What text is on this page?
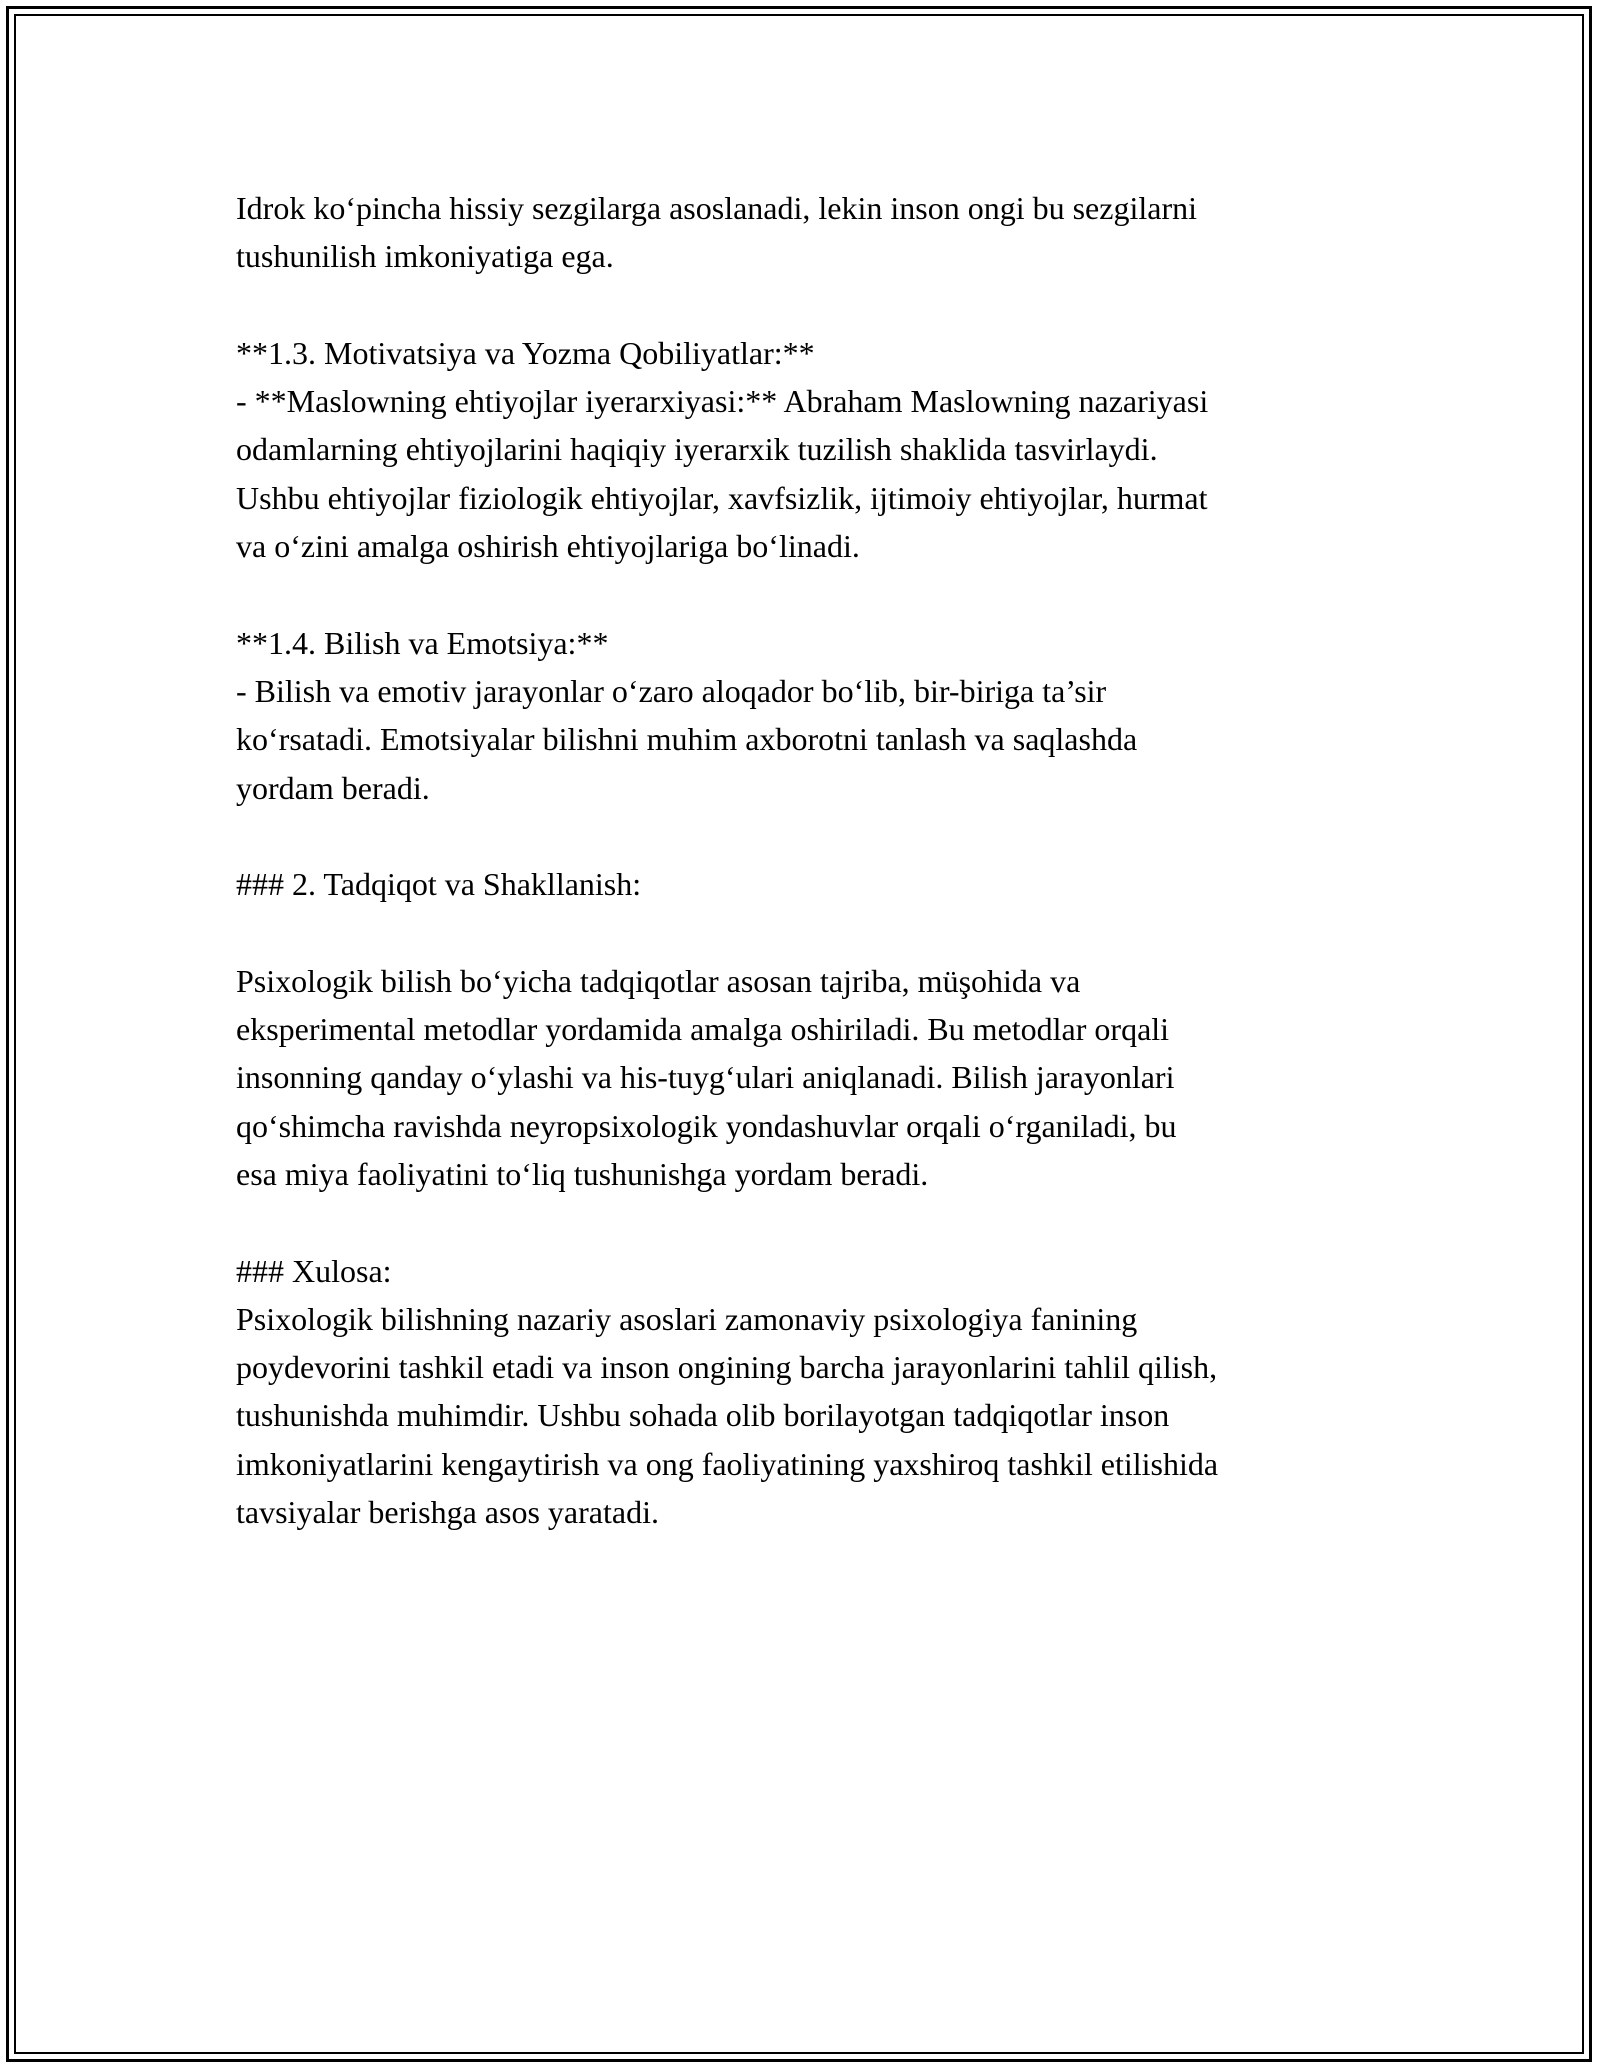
Idrok ko‘pincha hissiy sezgilarga asoslanadi, lekin inson ongi bu sezgilarni
tushunilish imkoniyatiga ega.

**1.3. Motivatsiya va Yozma Qobiliyatlar:**
- **Maslowning ehtiyojlar iyerarxiyasi:** Abraham Maslowning nazariyasi
odamlarning ehtiyojlarini haqiqiy iyerarxik tuzilish shaklida tasvirlaydi.
Ushbu ehtiyojlar fiziologik ehtiyojlar, xavfsizlik, ijtimoiy ehtiyojlar, hurmat
va o‘zini amalga oshirish ehtiyojlariga bo‘linadi.

**1.4. Bilish va Emotsiya:**
- Bilish va emotiv jarayonlar o‘zaro aloqador bo‘lib, bir-biriga ta’sir
ko‘rsatadi. Emotsiyalar bilishni muhim axborotni tanlash va saqlashda
yordam beradi.

### 2. Tadqiqot va Shakllanish:

Psixologik bilish bo‘yicha tadqiqotlar asosan tajriba, müşohida va
eksperimental metodlar yordamida amalga oshiriladi. Bu metodlar orqali
insonning qanday o‘ylashi va his-tuyg‘ulari aniqlanadi. Bilish jarayonlari
qo‘shimcha ravishda neyropsixologik yondashuvlar orqali o‘rganiladi, bu
esa miya faoliyatini to‘liq tushunishga yordam beradi.

### Xulosa:
Psixologik bilishning nazariy asoslari zamonaviy psixologiya fanining
poydevorini tashkil etadi va inson ongining barcha jarayonlarini tahlil qilish,
tushunishda muhimdir. Ushbu sohada olib borilayotgan tadqiqotlar inson
imkoniyatlarini kengaytirish va ong faoliyatining yaxshiroq tashkil etilishida
tavsiyalar berishga asos yaratadi.
